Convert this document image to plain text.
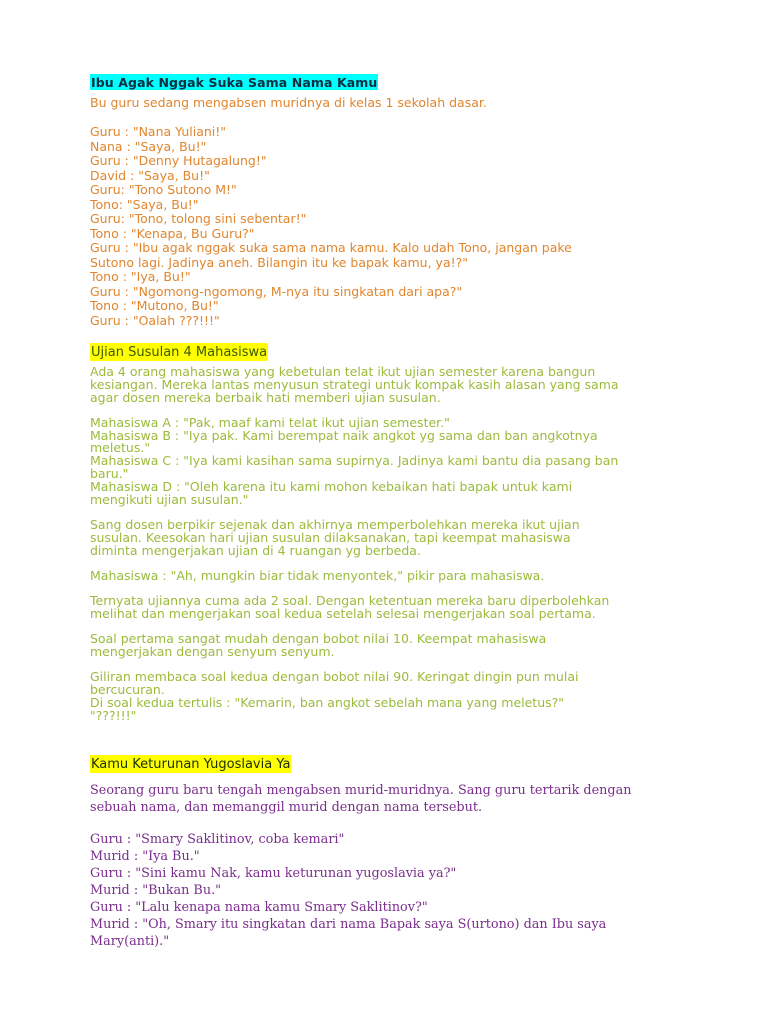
Ibu Agak Nggak Suka Sama Nama Kamu
Bu guru sedang mengabsen muridnya di kelas 1 sekolah dasar.

Guru : "Nana Yuliani!"

Nana : "Saya, Bu!"

Guru : "Denny Hutagalung!"

David : "Saya, Bu!"

Guru: "Tono Sutono M!"

Tono: "Saya, Bu!"

Guru: "Tono, tolong sini sebentar!"

Tono : "Kenapa, Bu Guru?"

Guru : "Ibu agak nggak suka sama nama kamu. Kalo udah Tono, jangan pake

Sutono lagi. Jadinya aneh. Bilangin itu ke bapak kamu, ya!?"

Tono : "Iya, Bu!"

Guru : "Ngomong-ngomong, M-nya itu singkatan dari apa?"

Tono : "Mutono, Bu!"

Guru : "Oalah ???!!!"

Ujian Susulan 4 Mahasiswa

Ada 4 orang mahasiswa yang kebetulan telat ikut ujian semester karena bangun

kesiangan. Mereka lantas menyusun strategi untuk kompak kasih alasan yang sama

agar dosen mereka berbaik hati memberi ujian susulan.

Mahasiswa A : "Pak, maaf kami telat ikut ujian semester."

Mahasiswa B : "Iya pak. Kami berempat naik angkot yg sama dan ban angkotnya

meletus."

Mahasiswa C : "Iya kami kasihan sama supirnya. Jadinya kami bantu dia pasang ban

baru."

Mahasiswa D : "Oleh karena itu kami mohon kebaikan hati bapak untuk kami

mengikuti ujian susulan."

Sang dosen berpikir sejenak dan akhirnya memperbolehkan mereka ikut ujian

susulan. Keesokan hari ujian susulan dilaksanakan, tapi keempat mahasiswa

diminta mengerjakan ujian di 4 ruangan yg berbeda.

Mahasiswa : "Ah, mungkin biar tidak menyontek," pikir para mahasiswa.

Ternyata ujiannya cuma ada 2 soal. Dengan ketentuan mereka baru diperbolehkan

melihat dan mengerjakan soal kedua setelah selesai mengerjakan soal pertama.

Soal pertama sangat mudah dengan bobot nilai 10. Keempat mahasiswa

mengerjakan dengan senyum senyum.

Giliran membaca soal kedua dengan bobot nilai 90. Keringat dingin pun mulai

bercucuran.

Di soal kedua tertulis : "Kemarin, ban angkot sebelah mana yang meletus?"

"???!!!"

Kamu Keturunan Yugoslavia Ya

Seorang guru baru tengah mengabsen murid-muridnya. Sang guru tertarik dengan

sebuah nama, dan memanggil murid dengan nama tersebut.

Guru : "Smary Saklitinov, coba kemari"

Murid : "Iya Bu."

Guru : "Sini kamu Nak, kamu keturunan yugoslavia ya?"

Murid : "Bukan Bu."

Guru : "Lalu kenapa nama kamu Smary Saklitinov?"

Murid : "Oh, Smary itu singkatan dari nama Bapak saya S(urtono) dan Ibu saya

Mary(anti)."
